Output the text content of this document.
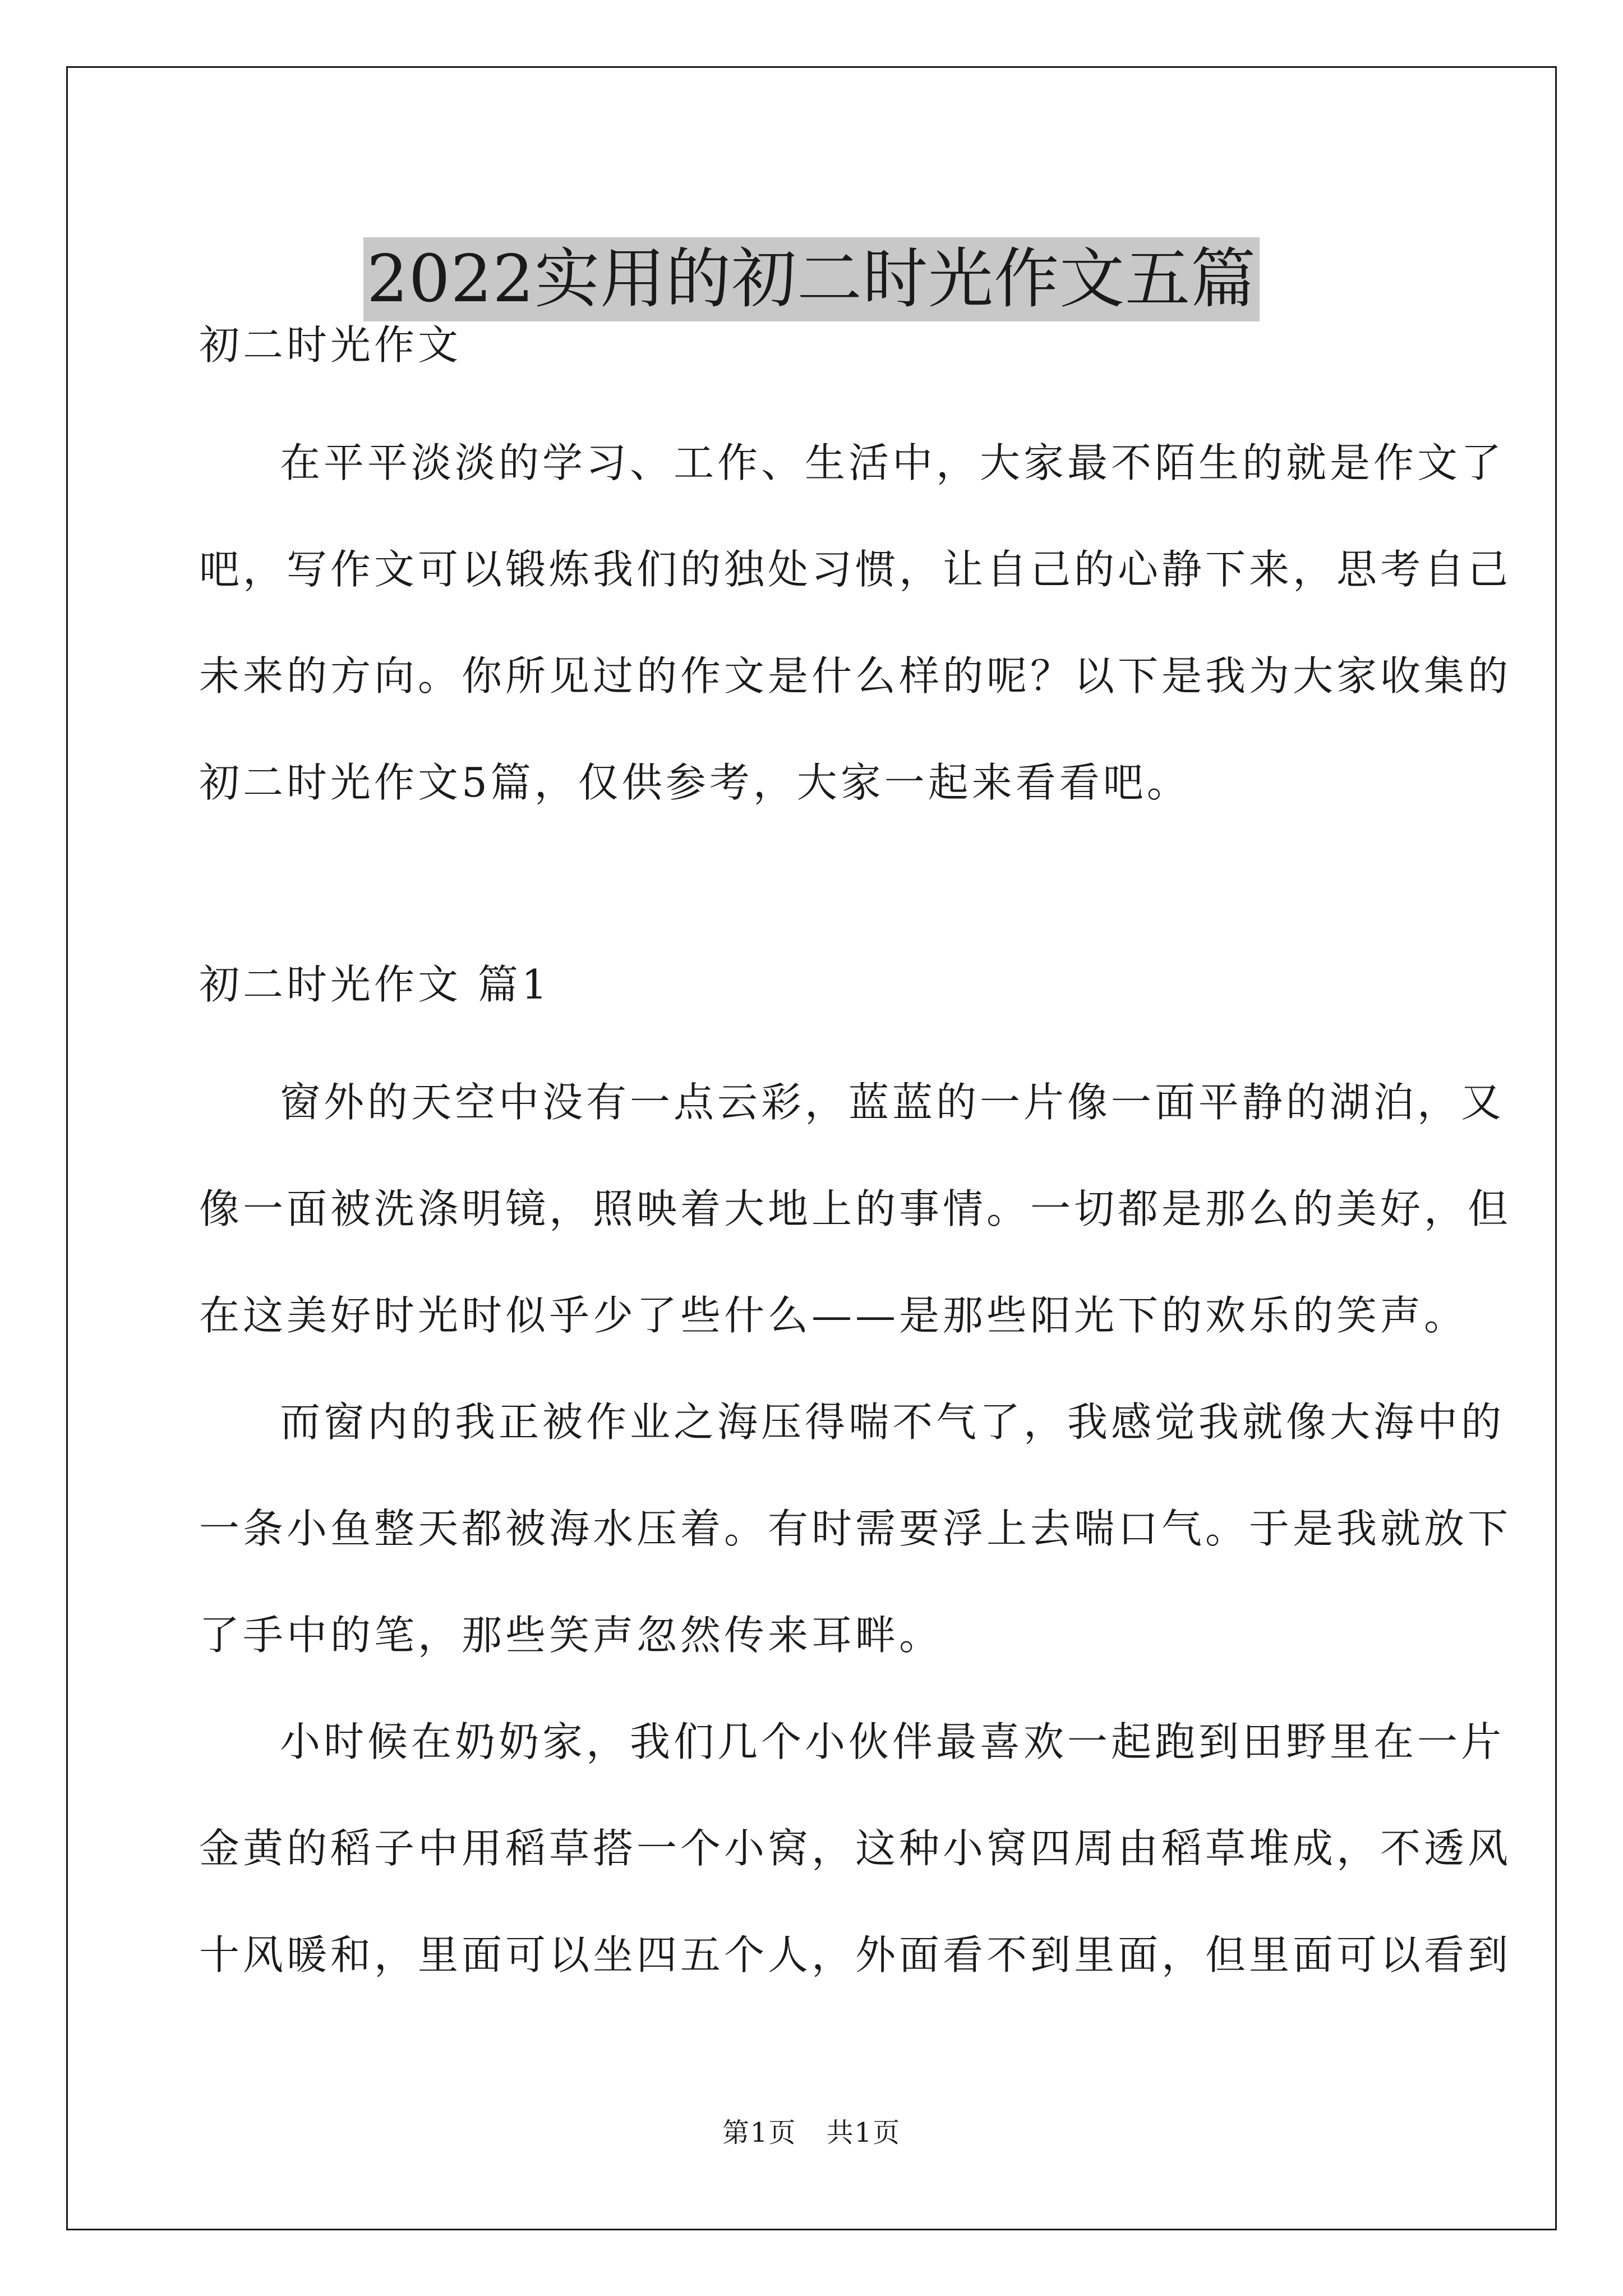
2022实用的初二时光作文五篇

初二时光作文

在平平淡淡的学习、工作、生活中，大家最不陌生的就是作文了

吧，写作文可以锻炼我们的独处习惯，让自己的心静下来，思考自己

未来的方向。你所见过的作文是什么样的呢？以下是我为大家收集的

初二时光作文5篇，仅供参考，大家一起来看看吧。

初二时光作文 篇1

窗外的天空中没有一点云彩，蓝蓝的一片像一面平静的湖泊，又

像一面被洗涤明镜，照映着大地上的事情。一切都是那么的美好，但

在这美好时光时似乎少了些什么——是那些阳光下的欢乐的笑声。

而窗内的我正被作业之海压得喘不气了，我感觉我就像大海中的

一条小鱼整天都被海水压着。有时需要浮上去喘口气。于是我就放下

了手中的笔，那些笑声忽然传来耳畔。

小时候在奶奶家，我们几个小伙伴最喜欢一起跑到田野里在一片

金黄的稻子中用稻草搭一个小窝，这种小窝四周由稻草堆成，不透风

十风暖和，里面可以坐四五个人，外面看不到里面，但里面可以看到

第1页 共1页
